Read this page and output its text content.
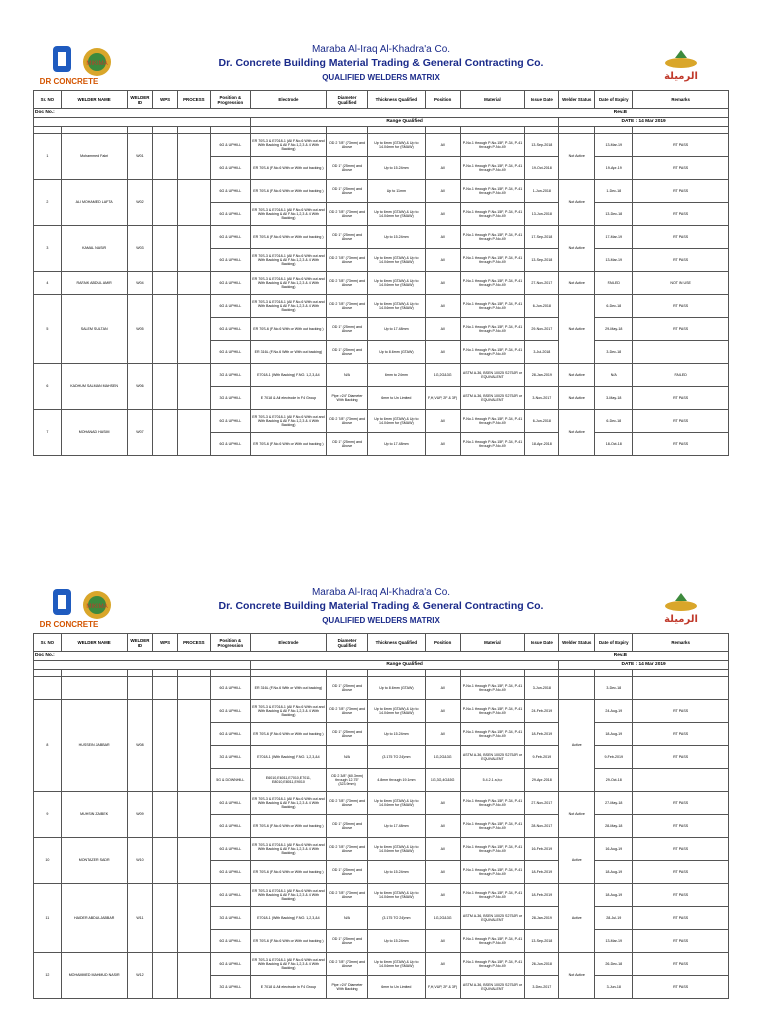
MIKIMA
DR CONCRETE
Maraba Al-Iraq Al-Khadra'a Co.
Dr. Concrete Building Material Trading & General Contracting Co.
QUALIFIED WELDERS MATRIX	الرميلة
Doc No.: Rev.B														

						Range Qualified						DATE : 14 Mar 2019		
Sr. NO	WELDER NAME	WELDER ID	WPS	PROCESS	Position & Progression	Electrode	Diameter Qualified	Thickness Qualified	Position	Material	Issue Date	Welder Status	Date of Expiry	Remarks

1	Mohammed Fakri	W01			6G & UPHILL	ER 70S-3 & E7018-1 (All F.No.6 With out and With Backing & All F.No.1,2,3 & 4 With Backing)	OD 2 7/8" (73mm) and Above	Up to 6mm (GTAW) & Up to 14.04mm for (SMAW)	All	P-No.1 through P-No.15F, P-34, P-41 through P-No.49	13-Sep-2018	Not Active	13-Mar-19	RT PASS
					6G & UPHILL	ER 70S-6 (F.No.6 With or With out backing )	OD 1" (25mm) and Above	Up to 15.24mm	All	P-No.1 through P-No.15F, P-34, P-41 through P-No.49	19-Oct-2018		19-Apr-19	RT PASS
2	ALI MOHAMED LAFTA	W02			6G & UPHILL	ER 70S-6 (F.No.6 With or With out backing )	OD 1" (25mm) and Above	Up to 11mm	All	P-No.1 through P-No.15F, P-34, P-41 through P-No.49	1-Jun-2018	Not Active	1-Dec-18	RT PASS
					6G & UPHILL	ER 70S-3 & E7018-1 (All F.No.6 With out and With Backing & All F.No.1,2,3 & 4 With Backing)	OD 2 7/8" (73mm) and Above	Up to 6mm (GTAW) & Up to 14.04mm for (SMAW)	All	P-No.1 through P-No.15F, P-34, P-41 through P-No.49	13-Jun-2018		13-Dec-18	RT PASS
3	KAMAL NASIR	W03			6G & UPHILL	ER 70S-6 (F.No.6 With or With out backing )	OD 1" (25mm) and Above	Up to 15.24mm	All	P-No.1 through P-No.15F, P-34, P-41 through P-No.49	17-Sep-2018	Not Active	17-Mar-19	RT PASS
					6G & UPHILL	ER 70S-3 & E7018-1 (All F.No.6 With out and With Backing & All F.No.1,2,3 & 4 With Backing)	OD 2 7/8" (73mm) and Above	Up to 6mm (GTAW) & Up to 14.04mm for (SMAW)	All	P-No.1 through P-No.15F, P-34, P-41 through P-No.49	13-Sep-2018		13-Mar-19	RT PASS
4	RAFAIK ABDUL AMIR	W04			6G & UPHILL	ER 70S-3 & E7018-1 (All F.No.6 With out and With Backing & All F.No.1,2,3 & 4 With Backing)	OD 2 7/8" (73mm) and Above	Up to 6mm (GTAW) & Up to 14.04mm for (SMAW)	All	P-No.1 through P-No.15F, P-34, P-41 through P-No.49	27-Nov-2017	Not Active	FAILED	NOT IN USE
5	SALEM SULTAN	W05			6G & UPHILL	ER 70S-3 & E7018-1 (All F.No.6 With out and With Backing & All F.No.1,2,3 & 4 With Backing)	OD 2 7/8" (73mm) and Above	Up to 6mm (GTAW) & Up to 14.04mm for (SMAW)	All	P-No.1 through P-No.15F, P-34, P-41 through P-No.49	6-Jun-2018	Not Active	6-Dec-18	RT PASS
					6G & UPHILL	ER 70S-6 (F.No.6 With or With out backing )	OD 1" (25mm) and Above	Up to 17.48mm	All	P-No.1 through P-No.15F, P-34, P-41 through P-No.49	29-Nov-2017		29-May-18	RT PASS
					6G & UPHILL	ER 316L (F.No.6 With or With out backing)	OD 1" (25mm) and Above	Up to 8.6mm (GTAW)	All	P-No.1 through P-No.15F, P-34, P-41 through P-No.49	3-Jul-2018		3-Dec-18	
6	KADHUM SALMAN MAHSEN	W06			3G & UPHILL	E7018-1 (With Backing) F.NO. 1,2,3,&4	N/A	6mm to 24mm	1G,2G&3G	ASTM A-36, BSEN 10025 S275JR or EQUIVALENT	28-Jan-2019	Not Active	N/A	FAILED
					3G & UPHILL	E 7018 & All electrode in F4 Group	Pipe >24" Diameter With Backing	6mm to Un Limited	F,H,VUP, 2F & 3F)	ASTM A-36, BSEN 10025 S275JR or EQUIVALENT	3-Nov-2017	Not Active	3-May-18	RT PASS
7	MOHANAD HASIM	W07			6G & UPHILL	ER 70S-3 & E7018-1 (All F.No.6 With out and With Backing & All F.No.1,2,3 & 4 With Backing)	OD 2 7/8" (73mm) and Above	Up to 6mm (GTAW) & Up to 14.04mm for (SMAW)	All	P-No.1 through P-No.15F, P-34, P-41 through P-No.49	6-Jun-2018	Not Active	6-Dec-18	RT PASS
					6G & UPHILL	ER 70S-6 (F.No.6 With or With out backing )	OD 1" (25mm) and Above	Up to 17.48mm	All	P-No.1 through P-No.15F, P-34, P-41 through P-No.49	18-Apr-2018		18-Oct-18	RT PASS
MIKIMA
DR CONCRETE
Maraba Al-Iraq Al-Khadra'a Co.
Dr. Concrete Building Material Trading & General Contracting Co.
QUALIFIED WELDERS MATRIX	الرميلة
Doc No.: Rev.B														

						Range Qualified						DATE : 14 Mar 2019		
Sr. NO	WELDER NAME	WELDER ID	WPS	PROCESS	Position & Progression	Electrode	Diameter Qualified	Thickness Qualified	Position	Material	Issue Date	Welder Status	Date of Expiry	Remarks

					6G & UPHILL	ER 316L (F.No.6 With or With out backing)	OD 1" (25mm) and Above	Up to 8.6mm (GTAW)	All	P-No.1 through P-No.15F, P-34, P-41 through P-No.49	3-Jun-2018		3-Dec-18	
8	HUSSEIN JABBAR	W08			6G & UPHILL	ER 70S-3 & E7018-1 (All F.No.6 With out and With Backing & All F.No.1,2,3 & 4 With Backing)	OD 2 7/8" (73mm) and Above	Up to 6mm (GTAW) & Up to 14.04mm for (SMAW)	All	P-No.1 through P-No.15F, P-34, P-41 through P-No.49	24-Feb-2019	Active	24-Aug-19	RT PASS
					6G & UPHILL	ER 70S-6 (F.No.6 With or With out backing )	OD 1" (25mm) and Above	Up to 15.24mm	All	P-No.1 through P-No.15F, P-34, P-41 through P-No.49	18-Feb-2019		18-Aug-19	RT PASS
					3G & UPHILL	E7018-1 (With Backing) F.NO. 1,2,3,&4	N/A	(3.175 TO 24)mm	1G,2G&3G	ASTM A-36, BSEN 10025 S275JR or EQUIVALENT	9-Feb-2019		9-Feb-2019	RT PASS
					5G & DOWNHILL	E6010,E6011,E7010,E7011, E8010,E8011,E9010	OD 2 3/8" (60.3mm) through 12.75" (323.9mm)	4.8mm through 19.1mm	1G,3G,4G&5G	5.4.2.1 a,b,c	29-Apr-2018		29-Oct-18	
9	MUHSIN ZAIBEK	W09			6G & UPHILL	ER 70S-3 & E7018-1 (All F.No.6 With out and With Backing & All F.No.1,2,3 & 4 With Backing)	OD 2 7/8" (73mm) and Above	Up to 6mm (GTAW) & Up to 14.04mm for (SMAW)	All	P-No.1 through P-No.15F, P-34, P-41 through P-No.49	27-Nov-2017	Not Active	27-May-18	RT PASS
					6G & UPHILL	ER 70S-6 (F.No.6 With or With out backing )	OD 1" (25mm) and Above	Up to 17.48mm	All	P-No.1 through P-No.15F, P-34, P-41 through P-No.49	28-Nov-2017		28-May-18	RT PASS
10	MONTAZER SADR	W10			6G & UPHILL	ER 70S-3 & E7018-1 (All F.No.6 With out and With Backing & All F.No.1,2,3 & 4 With Backing)	OD 2 7/8" (73mm) and Above	Up to 6mm (GTAW) & Up to 14.04mm for (SMAW)	All	P-No.1 through P-No.15F, P-34, P-41 through P-No.49	16-Feb-2019	Active	16-Aug-19	RT PASS
					6G & UPHILL	ER 70S-6 (F.No.6 With or With out backing )	OD 1" (25mm) and Above	Up to 15.24mm	All	P-No.1 through P-No.15F, P-34, P-41 through P-No.49	18-Feb-2019		18-Aug-19	RT PASS
11	HAIDER ABDULJABBAR	W11			6G & UPHILL	ER 70S-3 & E7018-1 (All F.No.6 With out and With Backing & All F.No.1,2,3 & 4 With Backing)	OD 2 7/8" (73mm) and Above	Up to 6mm (GTAW) & Up to 14.04mm for (SMAW)	All	P-No.1 through P-No.15F, P-34, P-41 through P-No.49	18-Feb-2019	Active	18-Aug-19	RT PASS
					3G & UPHILL	E7018-1 (With Backing) F.NO. 1,2,3,&4	N/A	(3.175 TO 24)mm	1G,2G&3G	ASTM A-36, BSEN 10025 S275JR or EQUIVALENT	28-Jan-2019		28-Jul-19	RT PASS
					6G & UPHILL	ER 70S-6 (F.No.6 With or With out backing )	OD 1" (25mm) and Above	Up to 15.24mm	All	P-No.1 through P-No.15F, P-34, P-41 through P-No.49	13-Sep-2018		13-Mar-19	RT PASS
12	MOHAMMED MAHMUD NASIR	W12			6G & UPHILL	ER 70S-3 & E7018-1 (All F.No.6 With out and With Backing & All F.No.1,2,3 & 4 With Backing)	OD 2 7/8" (73mm) and Above	Up to 6mm (GTAW) & Up to 14.04mm for (SMAW)	All	P-No.1 through P-No.15F, P-34, P-41 through P-No.49	26-Jun-2018	Not Active	26-Dec-18	RT PASS
					3G & UPHILL	E 7018 & All electrode in F4 Group	Pipe >24" Diameter With Backing	6mm to Un Limited	F,H,VUP, 2F & 3F)	ASTM A-36, BSEN 10025 S275JR or EQUIVALENT	3-Dec-2017		3-Jun-18	RT PASS
